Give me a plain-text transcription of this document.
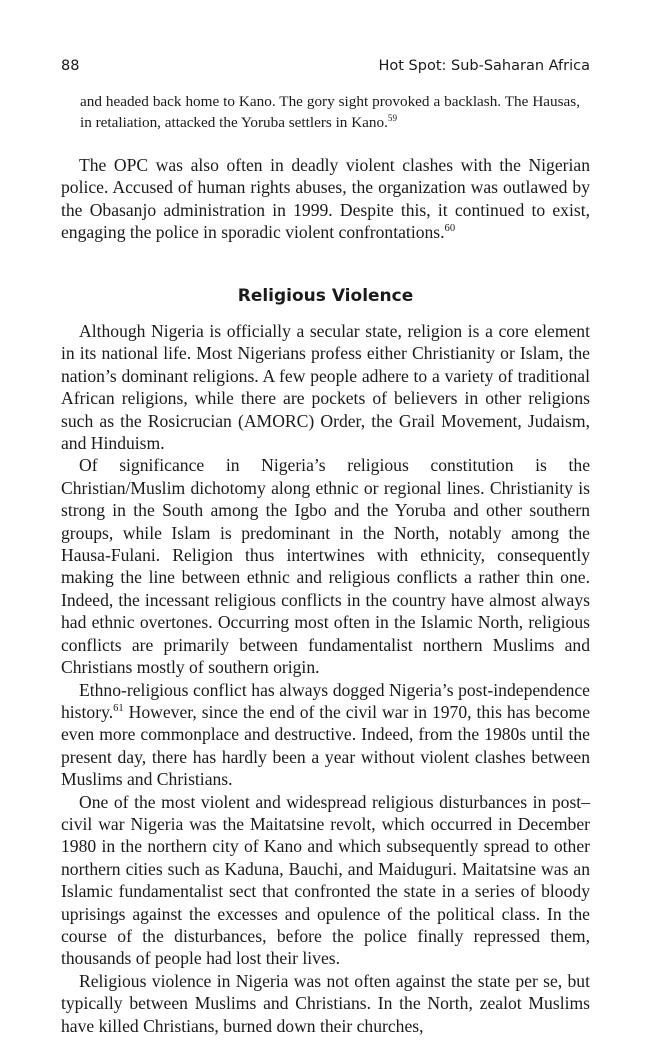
88	Hot Spot: Sub-Saharan Africa

and headed back home to Kano. The gory sight provoked a backlash. The Hausas, in retaliation, attacked the Yoruba settlers in Kano.$^{59}$

The OPC was also often in deadly violent clashes with the Nigerian police. Accused of human rights abuses, the organization was outlawed by the Obasanjo administration in 1999. Despite this, it continued to exist, engaging the police in sporadic violent confrontations.$^{60}$

Religious Violence

Although Nigeria is officially a secular state, religion is a core element in its national life. Most Nigerians profess either Christianity or Islam, the nation’s dominant religions. A few people adhere to a variety of traditional African religions, while there are pockets of believers in other religions such as the Rosicrucian (AMORC) Order, the Grail Movement, Judaism, and Hinduism.

Of significance in Nigeria’s religious constitution is the Christian/Muslim dichotomy along ethnic or regional lines. Christianity is strong in the South among the Igbo and the Yoruba and other southern groups, while Islam is predominant in the North, notably among the Hausa-Fulani. Religion thus intertwines with ethnicity, consequently making the line between ethnic and religious conflicts a rather thin one. Indeed, the incessant religious conflicts in the country have almost always had ethnic overtones. Occurring most often in the Islamic North, religious conflicts are primarily between fundamentalist northern Muslims and Christians mostly of southern origin.

Ethno-religious conflict has always dogged Nigeria’s post-independence history.$^{61}$ However, since the end of the civil war in 1970, this has become even more commonplace and destructive. Indeed, from the 1980s until the present day, there has hardly been a year without violent clashes between Muslims and Christians.

One of the most violent and widespread religious disturbances in post–civil war Nigeria was the Maitatsine revolt, which occurred in December 1980 in the northern city of Kano and which subsequently spread to other northern cities such as Kaduna, Bauchi, and Maiduguri. Maitatsine was an Islamic fundamentalist sect that confronted the state in a series of bloody uprisings against the excesses and opulence of the political class. In the course of the disturbances, before the police finally repressed them, thousands of people had lost their lives.

Religious violence in Nigeria was not often against the state per se, but typically between Muslims and Christians. In the North, zealot Muslims have killed Christians, burned down their churches,
